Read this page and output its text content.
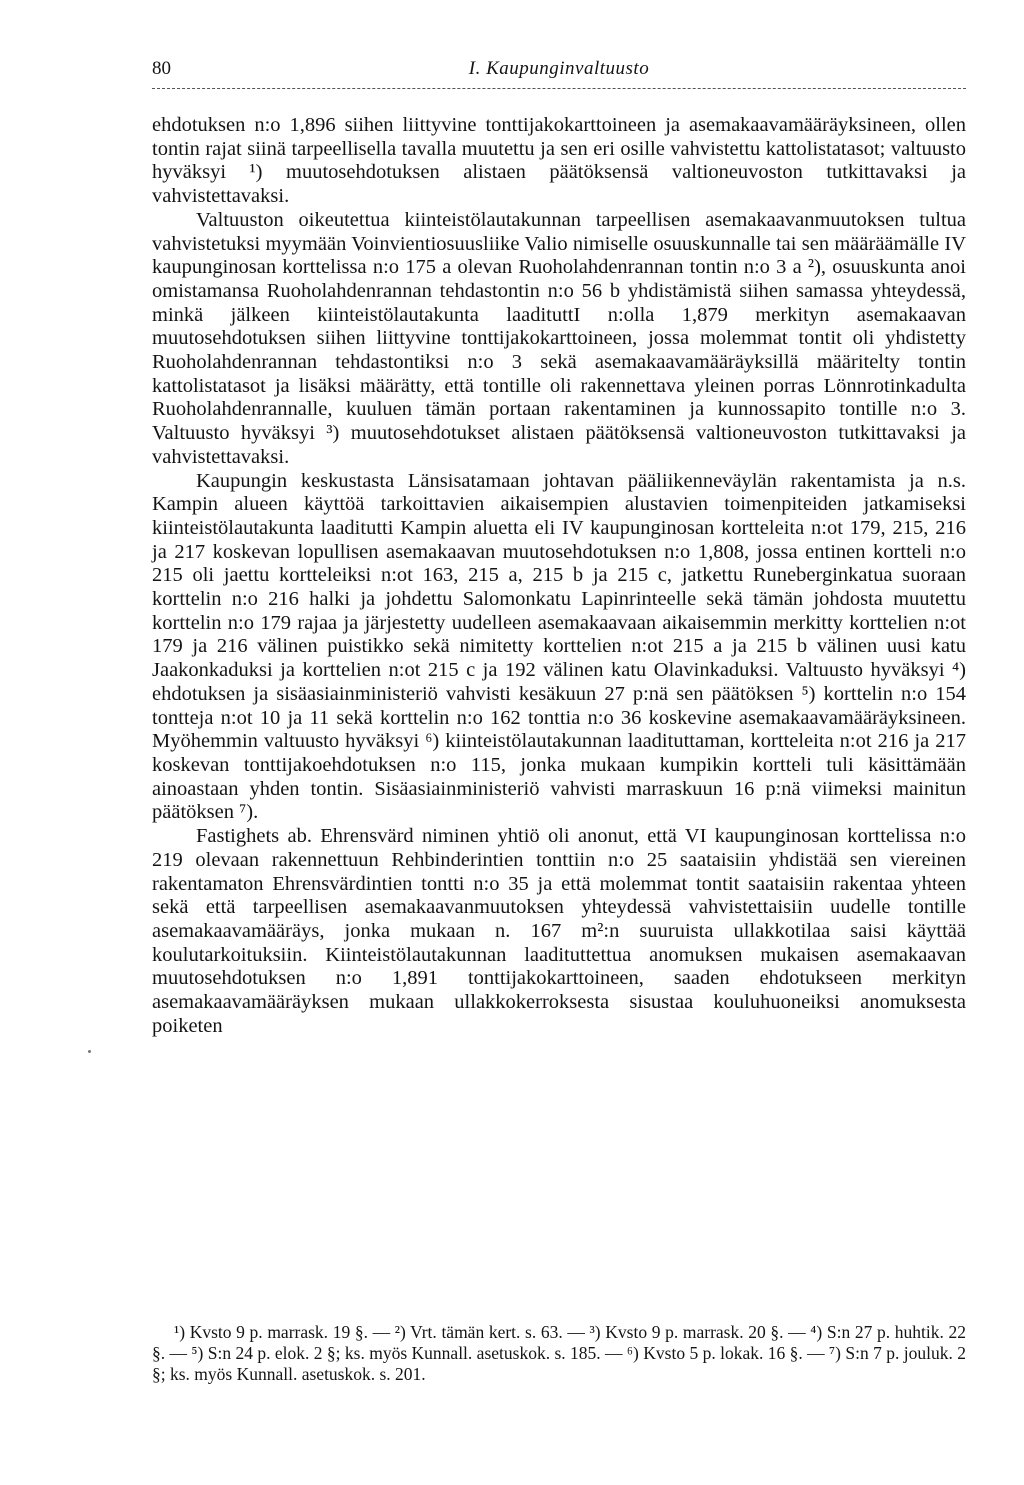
80	I. Kaupunginvaltuusto

ehdotuksen n:o 1,896 siihen liittyvine tonttijakokarttoineen ja asemakaavamääräyksineen, ollen tontin rajat siinä tarpeellisella tavalla muutettu ja sen eri osille vahvistettu kattolistatasot; valtuusto hyväksyi ¹) muutosehdotuksen alistaen päätöksensä valtioneuvoston tutkittavaksi ja vahvistettavaksi.

Valtuuston oikeutettua kiinteistölautakunnan tarpeellisen asemakaavanmuutoksen tultua vahvistetuksi myymään Voinvientiosuusliike Valio nimiselle osuuskunnalle tai sen määräämälle IV kaupunginosan korttelissa n:o 175 a olevan Ruoholahdenrannan tontin n:o 3 a ²), osuuskunta anoi omistamansa Ruoholahdenrannan tehdastontin n:o 56 b yhdistämistä siihen samassa yhteydessä, minkä jälkeen kiinteistölautakunta laadituttI n:olla 1,879 merkityn asemakaavan muutosehdotuksen siihen liittyvine tonttijakokarttoineen, jossa molemmat tontit oli yhdistetty Ruoholahdenrannan tehdastontiksi n:o 3 sekä asemakaavamääräyksillä määritelty tontin kattolistatasot ja lisäksi määrätty, että tontille oli rakennettava yleinen porras Lönnrotinkadulta Ruoholahdenrannalle, kuuluen tämän portaan rakentaminen ja kunnossapito tontille n:o 3. Valtuusto hyväksyi ³) muutosehdotukset alistaen päätöksensä valtioneuvoston tutkittavaksi ja vahvistettavaksi.

Kaupungin keskustasta Länsisatamaan johtavan pääliikenneväylän rakentamista ja n.s. Kampin alueen käyttöä tarkoittavien aikaisempien alustavien toimenpiteiden jatkamiseksi kiinteistölautakunta laaditutti Kampin aluetta eli IV kaupunginosan kortteleita n:ot 179, 215, 216 ja 217 koskevan lopullisen asemakaavan muutosehdotuksen n:o 1,808, jossa entinen kortteli n:o 215 oli jaettu kortteleiksi n:ot 163, 215 a, 215 b ja 215 c, jatkettu Runeberginkatua suoraan korttelin n:o 216 halki ja johdettu Salomonkatu Lapinrinteelle sekä tämän johdosta muutettu korttelin n:o 179 rajaa ja järjestetty uudelleen asemakaavaan aikaisemmin merkitty korttelien n:ot 179 ja 216 välinen puistikko sekä nimitetty korttelien n:ot 215 a ja 215 b välinen uusi katu Jaakonkaduksi ja korttelien n:ot 215 c ja 192 välinen katu Olavinkaduksi. Valtuusto hyväksyi ⁴) ehdotuksen ja sisäasiainministeriö vahvisti kesäkuun 27 p:nä sen päätöksen ⁵) korttelin n:o 154 tontteja n:ot 10 ja 11 sekä korttelin n:o 162 tonttia n:o 36 koskevine asemakaavamääräyksineen. Myöhemmin valtuusto hyväksyi ⁶) kiinteistölautakunnan laadituttaman, kortteleita n:ot 216 ja 217 koskevan tonttijakoehdotuksen n:o 115, jonka mukaan kumpikin kortteli tuli käsittämään ainoastaan yhden tontin. Sisäasiainministeriö vahvisti marraskuun 16 p:nä viimeksi mainitun päätöksen ⁷).

Fastighets ab. Ehrensvärd niminen yhtiö oli anonut, että VI kaupunginosan korttelissa n:o 219 olevaan rakennettuun Rehbinderintien tonttiin n:o 25 saataisiin yhdistää sen viereinen rakentamaton Ehrensvärdintien tontti n:o 35 ja että molemmat tontit saataisiin rakentaa yhteen sekä että tarpeellisen asemakaavanmuutoksen yhteydessä vahvistettaisiin uudelle tontille asemakaavamääräys, jonka mukaan n. 167 m²:n suuruista ullakkotilaa saisi käyttää koulutarkoituksiin. Kiinteistölautakunnan laadituttettua anomuksen mukaisen asemakaavan muutosehdotuksen n:o 1,891 tonttijakokarttoineen, saaden ehdotukseen merkityn asemakaavamääräyksen mukaan ullakkokerroksesta sisustaa kouluhuoneiksi anomuksesta poiketen

¹) Kvsto 9 p. marrask. 19 §. — ²) Vrt. tämän kert. s. 63. — ³) Kvsto 9 p. marrask. 20 §. — ⁴) S:n 27 p. huhtik. 22 §. — ⁵) S:n 24 p. elok. 2 §; ks. myös Kunnall. asetuskok. s. 185. — ⁶) Kvsto 5 p. lokak. 16 §. — ⁷) S:n 7 p. jouluk. 2 §; ks. myös Kunnall. asetuskok. s. 201.
